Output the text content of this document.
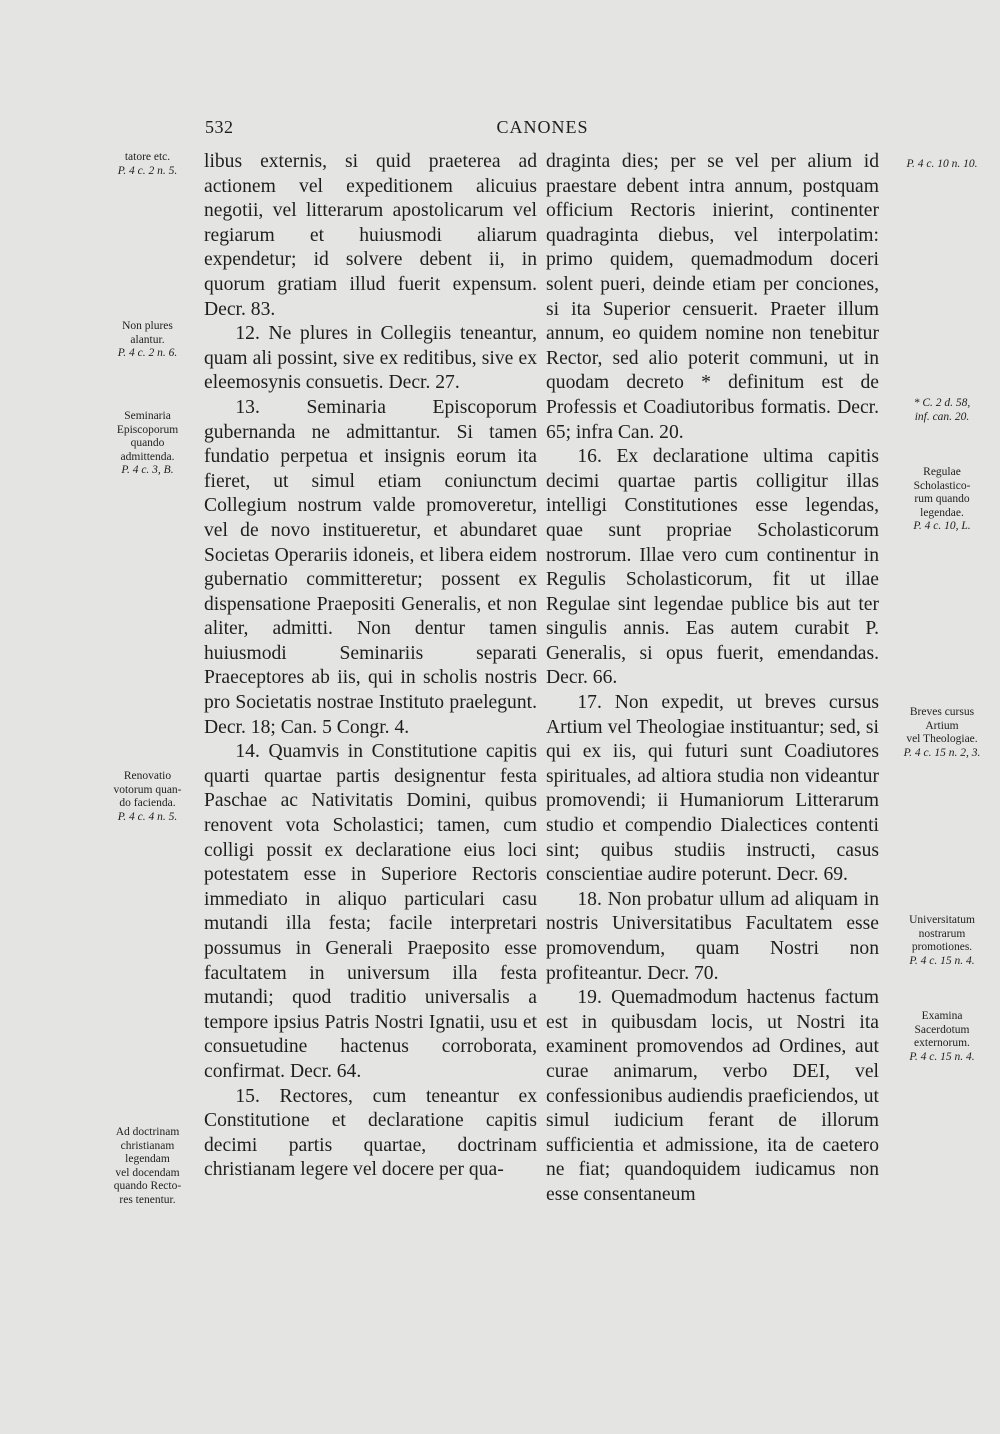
532	CANONES
tatore etc.
P. 4 c. 2 n. 5.
Non plures
alantur.
P. 4 c. 2 n. 6.
Seminaria
Episcoporum
quando
admittenda.
P. 4 c. 3, B.
Renovatio
votorum quan-
do facienda.
P. 4 c. 4 n. 5.
Ad doctrinam
christianam
legendam
vel docendam
quando Recto-
res tenentur.
P. 4 c. 10 n. 10.
* C. 2 d. 58,
inf. can. 20.
Regulae
Scholastico-
rum quando
legendae.
P. 4 c. 10, L.
Breves cursus
Artium
vel Theologiae.
P. 4 c. 15 n. 2, 3.
Universitatum
nostrarum
promotiones.
P. 4 c. 15 n. 4.
Examina
Sacerdotum
externorum.
P. 4 c. 15 n. 4.

libus externis, si quid praeterea ad actionem vel expeditionem alicuius negotii, vel litterarum apostolicarum vel regiarum et huiusmodi aliarum expendetur; id solvere debent ii, in quorum gratiam illud fuerit expensum. Decr. 83.

12. Ne plures in Collegiis teneantur, quam ali possint, sive ex reditibus, sive ex eleemosynis consuetis. Decr. 27.

13. Seminaria Episcoporum gubernanda ne admittantur. Si tamen fundatio perpetua et insignis eorum ita fieret, ut simul etiam coniunctum Collegium nostrum valde promoveretur, vel de novo institueretur, et abundaret Societas Operariis idoneis, et libera eidem gubernatio committeretur; possent ex dispensatione Praepositi Generalis, et non aliter, admitti. Non dentur tamen huiusmodi Seminariis separati Praeceptores ab iis, qui in scholis nostris pro Societatis nostrae Instituto praelegunt. Decr. 18; Can. 5 Congr. 4.

14. Quamvis in Constitutione capitis quarti quartae partis designentur festa Paschae ac Nativitatis Domini, quibus renovent vota Scholastici; tamen, cum colligi possit ex declaratione eius loci potestatem esse in Superiore Rectoris immediato in aliquo particulari casu mutandi illa festa; facile interpretari possumus in Generali Praeposito esse facultatem in universum illa festa mutandi; quod traditio universalis a tempore ipsius Patris Nostri Ignatii, usu et consuetudine hactenus corroborata, confirmat. Decr. 64.

15. Rectores, cum teneantur ex Constitutione et declaratione capitis decimi partis quartae, doctrinam christianam legere vel docere per qua-

draginta dies; per se vel per alium id praestare debent intra annum, postquam officium Rectoris inierint, continenter quadraginta diebus, vel interpolatim: primo quidem, quemadmodum doceri solent pueri, deinde etiam per conciones, si ita Superior censuerit. Praeter illum annum, eo quidem nomine non tenebitur Rector, sed alio poterit communi, ut in quodam decreto * definitum est de Professis et Coadiutoribus formatis. Decr. 65; infra Can. 20.

16. Ex declaratione ultima capitis decimi quartae partis colligitur illas intelligi Constitutiones esse legendas, quae sunt propriae Scholasticorum nostrorum. Illae vero cum continentur in Regulis Scholasticorum, fit ut illae Regulae sint legendae publice bis aut ter singulis annis. Eas autem curabit P. Generalis, si opus fuerit, emendandas. Decr. 66.

17. Non expedit, ut breves cursus Artium vel Theologiae instituantur; sed, si qui ex iis, qui futuri sunt Coadiutores spirituales, ad altiora studia non videantur promovendi; ii Humaniorum Litterarum studio et compendio Dialectices contenti sint; quibus studiis instructi, casus conscientiae audire poterunt. Decr. 69.

18. Non probatur ullum ad aliquam in nostris Universitatibus Facultatem esse promovendum, quam Nostri non profiteantur. Decr. 70.

19. Quemadmodum hactenus factum est in quibusdam locis, ut Nostri ita examinent promovendos ad Ordines, aut curae animarum, verbo DEI, vel confessionibus audiendis praeficiendos, ut simul iudicium ferant de illorum sufficientia et admissione, ita de caetero ne fiat; quandoquidem iudicamus non esse consentaneum
